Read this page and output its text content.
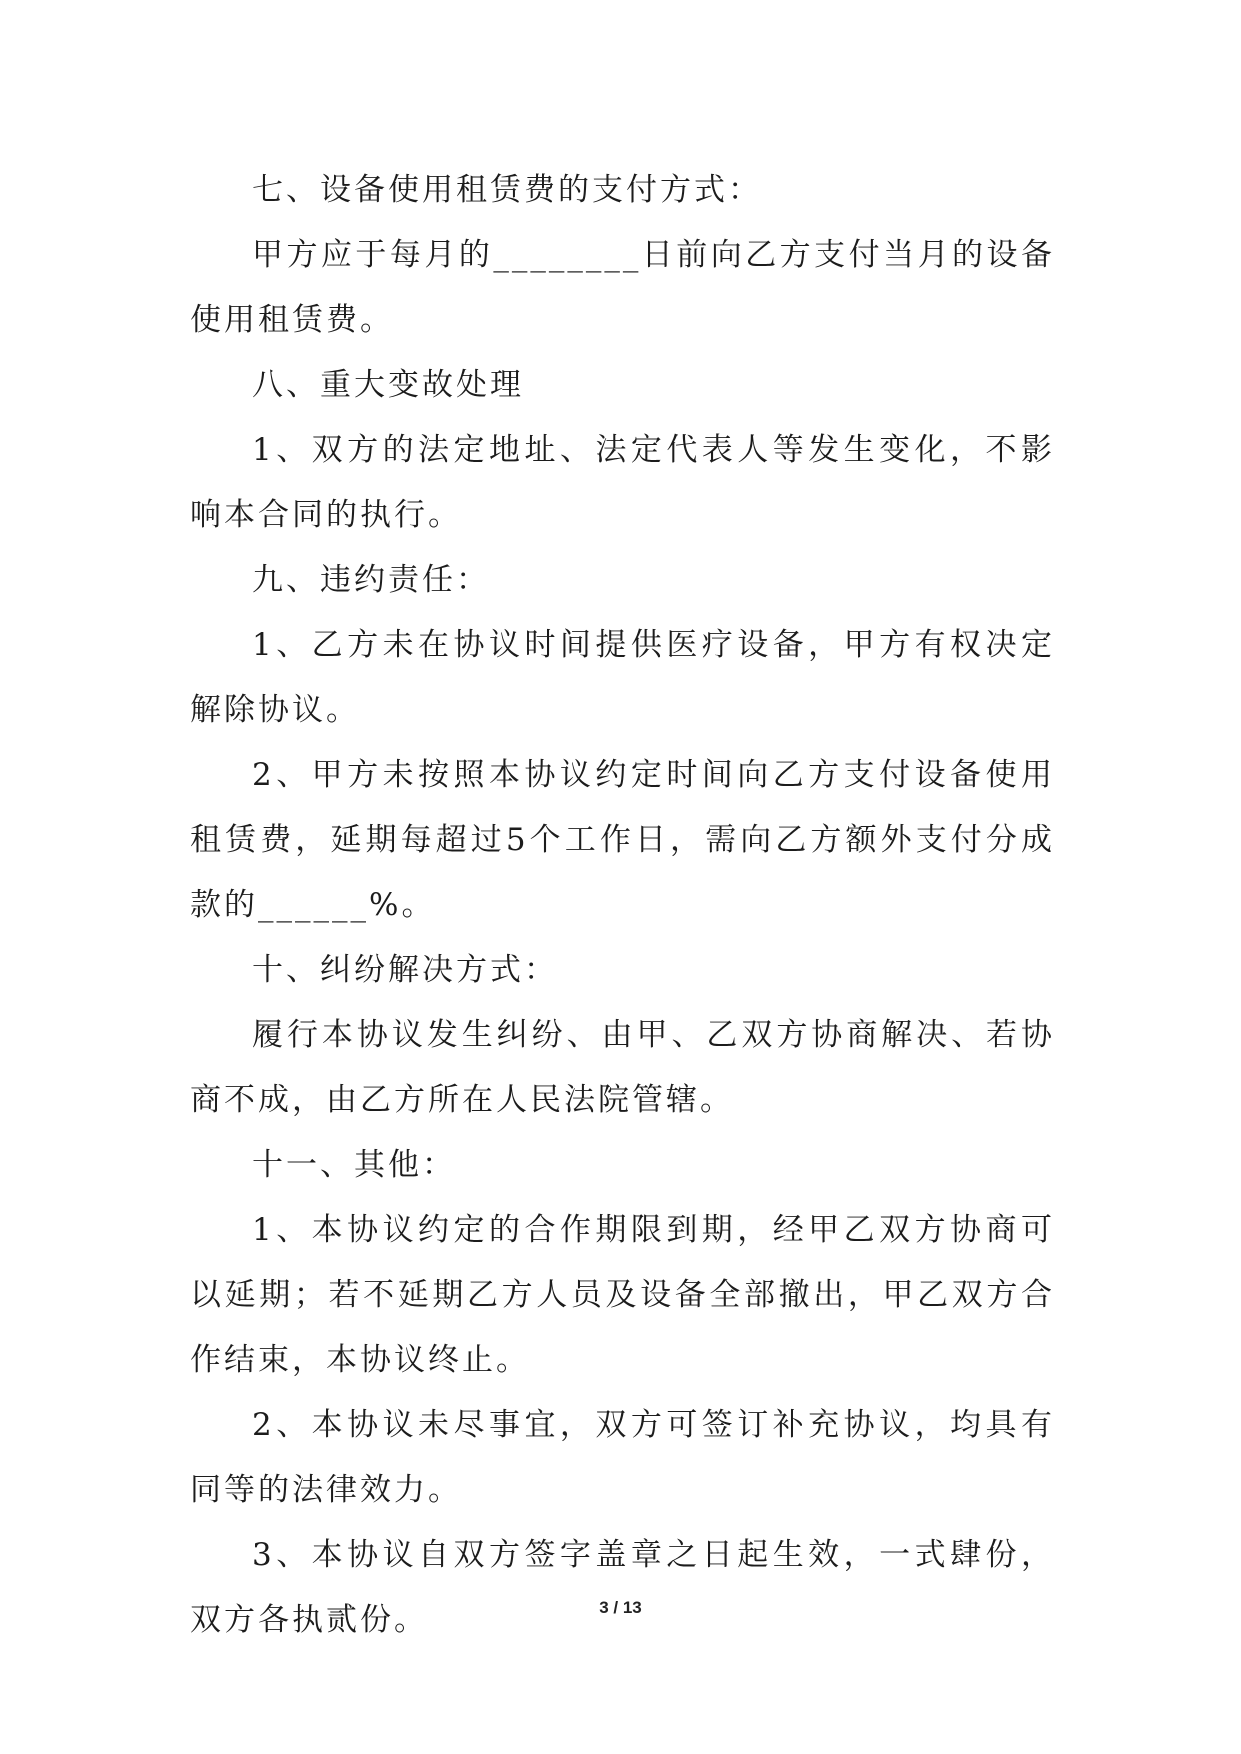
七、设备使用租赁费的支付方式：

甲方应于每月的________日前向乙方支付当月的设备使用租赁费。

八、重大变故处理

1、双方的法定地址、法定代表人等发生变化，不影响本合同的执行。

九、违约责任：

1、乙方未在协议时间提供医疗设备，甲方有权决定解除协议。

2、甲方未按照本协议约定时间向乙方支付设备使用租赁费，延期每超过5个工作日，需向乙方额外支付分成款的______%。

十、纠纷解决方式：

履行本协议发生纠纷、由甲、乙双方协商解决、若协商不成，由乙方所在人民法院管辖。

十一、其他：

1、本协议约定的合作期限到期，经甲乙双方协商可以延期；若不延期乙方人员及设备全部撤出，甲乙双方合作结束，本协议终止。

2、本协议未尽事宜，双方可签订补充协议，均具有同等的法律效力。

3、本协议自双方签字盖章之日起生效，一式肆份，双方各执贰份。	3 / 13
